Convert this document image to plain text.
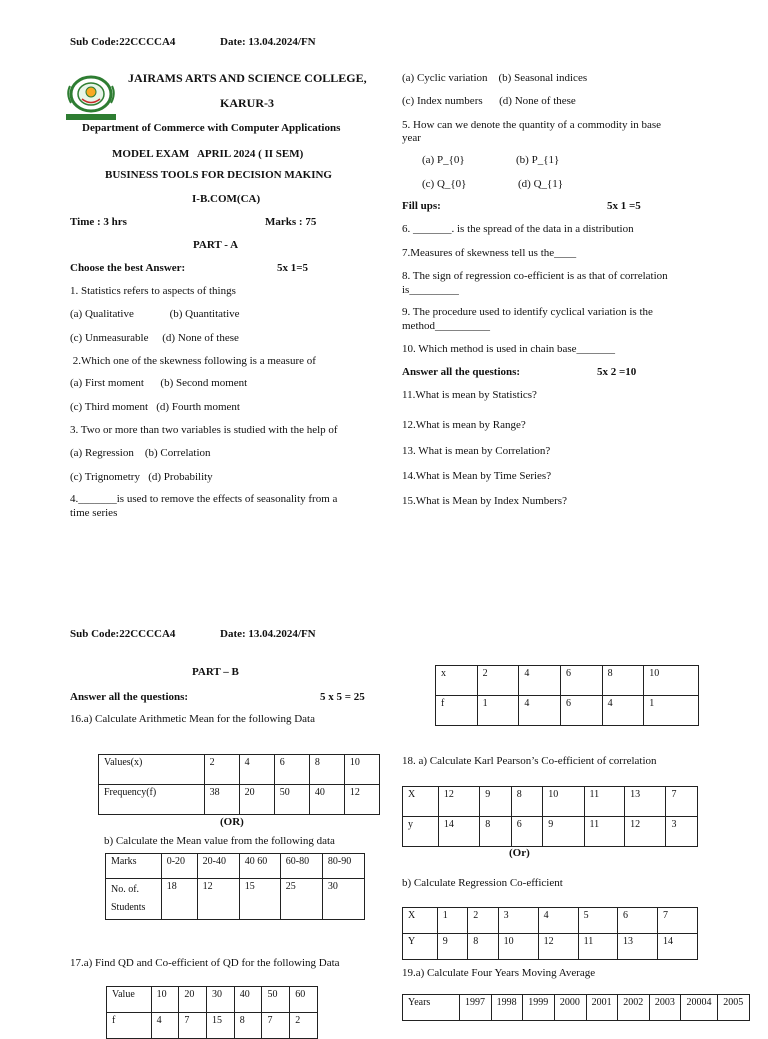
Sub Code:22CCCCA4	Date: 13.04.2024/FN
JAIRAMS ARTS AND SCIENCE COLLEGE,
KARUR-3
Department of Commerce with Computer Applications
MODEL EXAM   APRIL 2024 ( II SEM)
BUSINESS TOOLS FOR DECISION MAKING
I-B.COM(CA)
Time : 3 hrs	Marks : 75
PART - A
Choose the best Answer:	5x 1=5
1. Statistics refers to aspects of things
(a) Qualitative             (b) Quantitative
(c) Unmeasurable     (d) None of these
2.Which one of the skewness following is a measure of
(a) First moment      (b) Second moment
(c) Third moment   (d) Fourth moment
3. Two or more than two variables is studied with the help of
(a) Regression    (b) Correlation
(c) Trignometry   (d) Probability
4._______is used to remove the effects of seasonality from a
time series
(a) Cyclic variation    (b) Seasonal indices
(c) Index numbers      (d) None of these
5. How can we denote the quantity of a commodity in base
year
(a) P_{0}	(b) P_{1}
(c) Q_{0}	(d) Q_{1}
Fill ups:	5x 1 =5
6. _______. is the spread of the data in a distribution
7.Measures of skewness tell us the____
8. The sign of regression co-efficient is as that of correlation
is_________
9. The procedure used to identify cyclical variation is the
method__________
10. Which method is used in chain base_______
Answer all the questions:	5x 2 =10
11.What is mean by Statistics?
12.What is mean by Range?
13. What is mean by Correlation?
14.What is Mean by Time Series?
15.What is Mean by Index Numbers?
Sub Code:22CCCCA4	Date: 13.04.2024/FN
PART – B
Answer all the questions:	5 x 5 = 25
16.a) Calculate Arithmetic Mean for the following Data
Values(x)	2	4	6	8	10
Frequency(f)	38	20	50	40	12
(OR)
b) Calculate the Mean value from the following data
Marks	0-20	20-40	40 60	60-80	80-90
No. of.
Students	18	12	15	25	30
17.a) Find QD and Co-efficient of QD for the following Data
Value	10	20	30	40	50	60
f	4	7	15	8	7	2
x	2	4	6	8	10
f	1	4	6	4	1
18. a) Calculate Karl Pearson’s Co-efficient of correlation
X	12	9	8	10	11	13	7
y	14	8	6	9	11	12	3
(Or)
b) Calculate Regression Co-efficient
X	1	2	3	4	5	6	7
Y	9	8	10	12	11	13	14
19.a) Calculate Four Years Moving Average
Years	1997	1998	1999	2000	2001	2002	2003	20004	2005
